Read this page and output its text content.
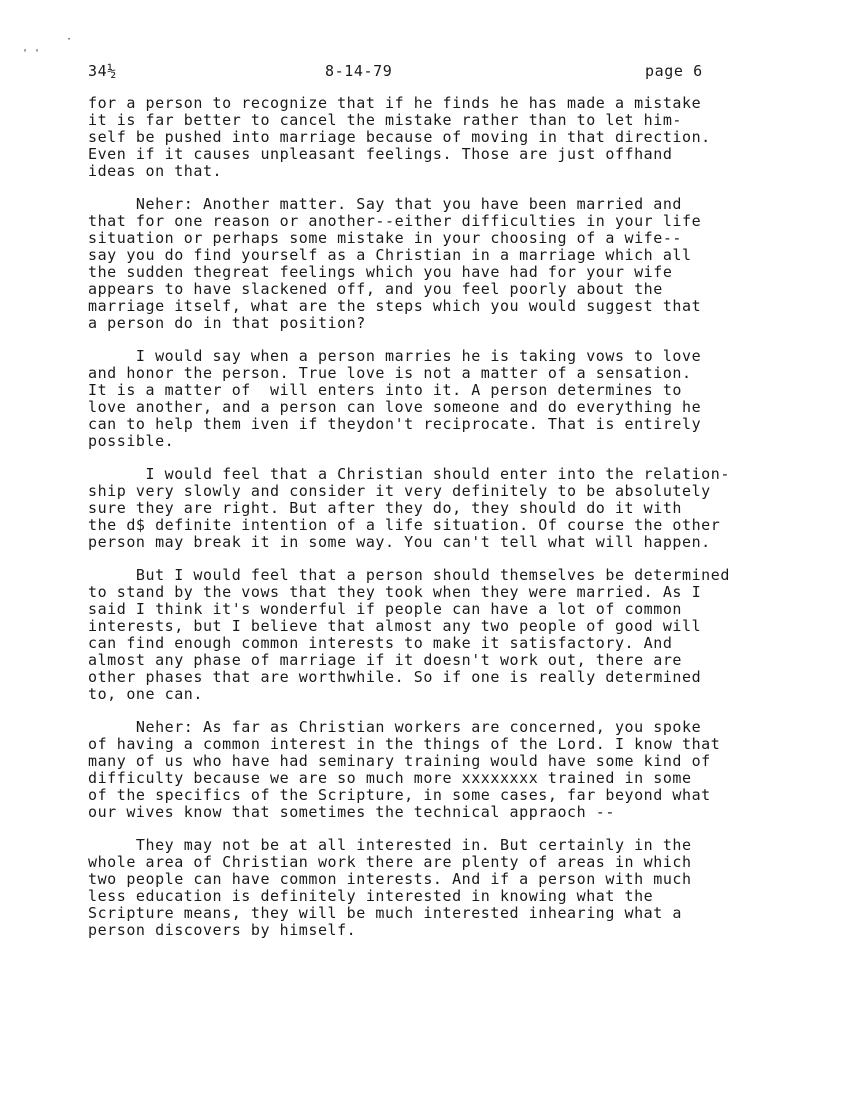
' '
·
34½	8-14-79	page 6
for a person to recognize that if he finds he has made a mistake
it is far better to cancel the mistake rather than to let him-
self be pushed into marriage because of moving in that direction.
Even if it causes unpleasant feelings. Those are just offhand
ideas on that.
Neher: Another matter. Say that you have been married and
that for one reason or another--either difficulties in your life
situation or perhaps some mistake in your choosing of a wife--
say you do find yourself as a Christian in a marriage which all
the sudden thegreat feelings which you have had for your wife
appears to have slackened off, and you feel poorly about the
marriage itself, what are the steps which you would suggest that
a person do in that position?
I would say when a person marries he is taking vows to love
and honor the person. True love is not a matter of a sensation.
It is a matter of  will enters into it. A person determines to
love another, and a person can love someone and do everything he
can to help them iven if theydon't reciprocate. That is entirely
possible.
I would feel that a Christian should enter into the relation-
ship very slowly and consider it very definitely to be absolutely
sure they are right. But after they do, they should do it with
the d$ definite intention of a life situation. Of course the other
person may break it in some way. You can't tell what will happen.
But I would feel that a person should themselves be determined
to stand by the vows that they took when they were married. As I
said I think it's wonderful if people can have a lot of common
interests, but I believe that almost any two people of good will
can find enough common interests to make it satisfactory. And
almost any phase of marriage if it doesn't work out, there are
other phases that are worthwhile. So if one is really determined
to, one can.
Neher: As far as Christian workers are concerned, you spoke
of having a common interest in the things of the Lord. I know that
many of us who have had seminary training would have some kind of
difficulty because we are so much more xxxxxxxx trained in some
of the specifics of the Scripture, in some cases, far beyond what
our wives know that sometimes the technical appraoch --
They may not be at all interested in. But certainly in the
whole area of Christian work there are plenty of areas in which
two people can have common interests. And if a person with much
less education is definitely interested in knowing what the
Scripture means, they will be much interested inhearing what a
person discovers by himself.
